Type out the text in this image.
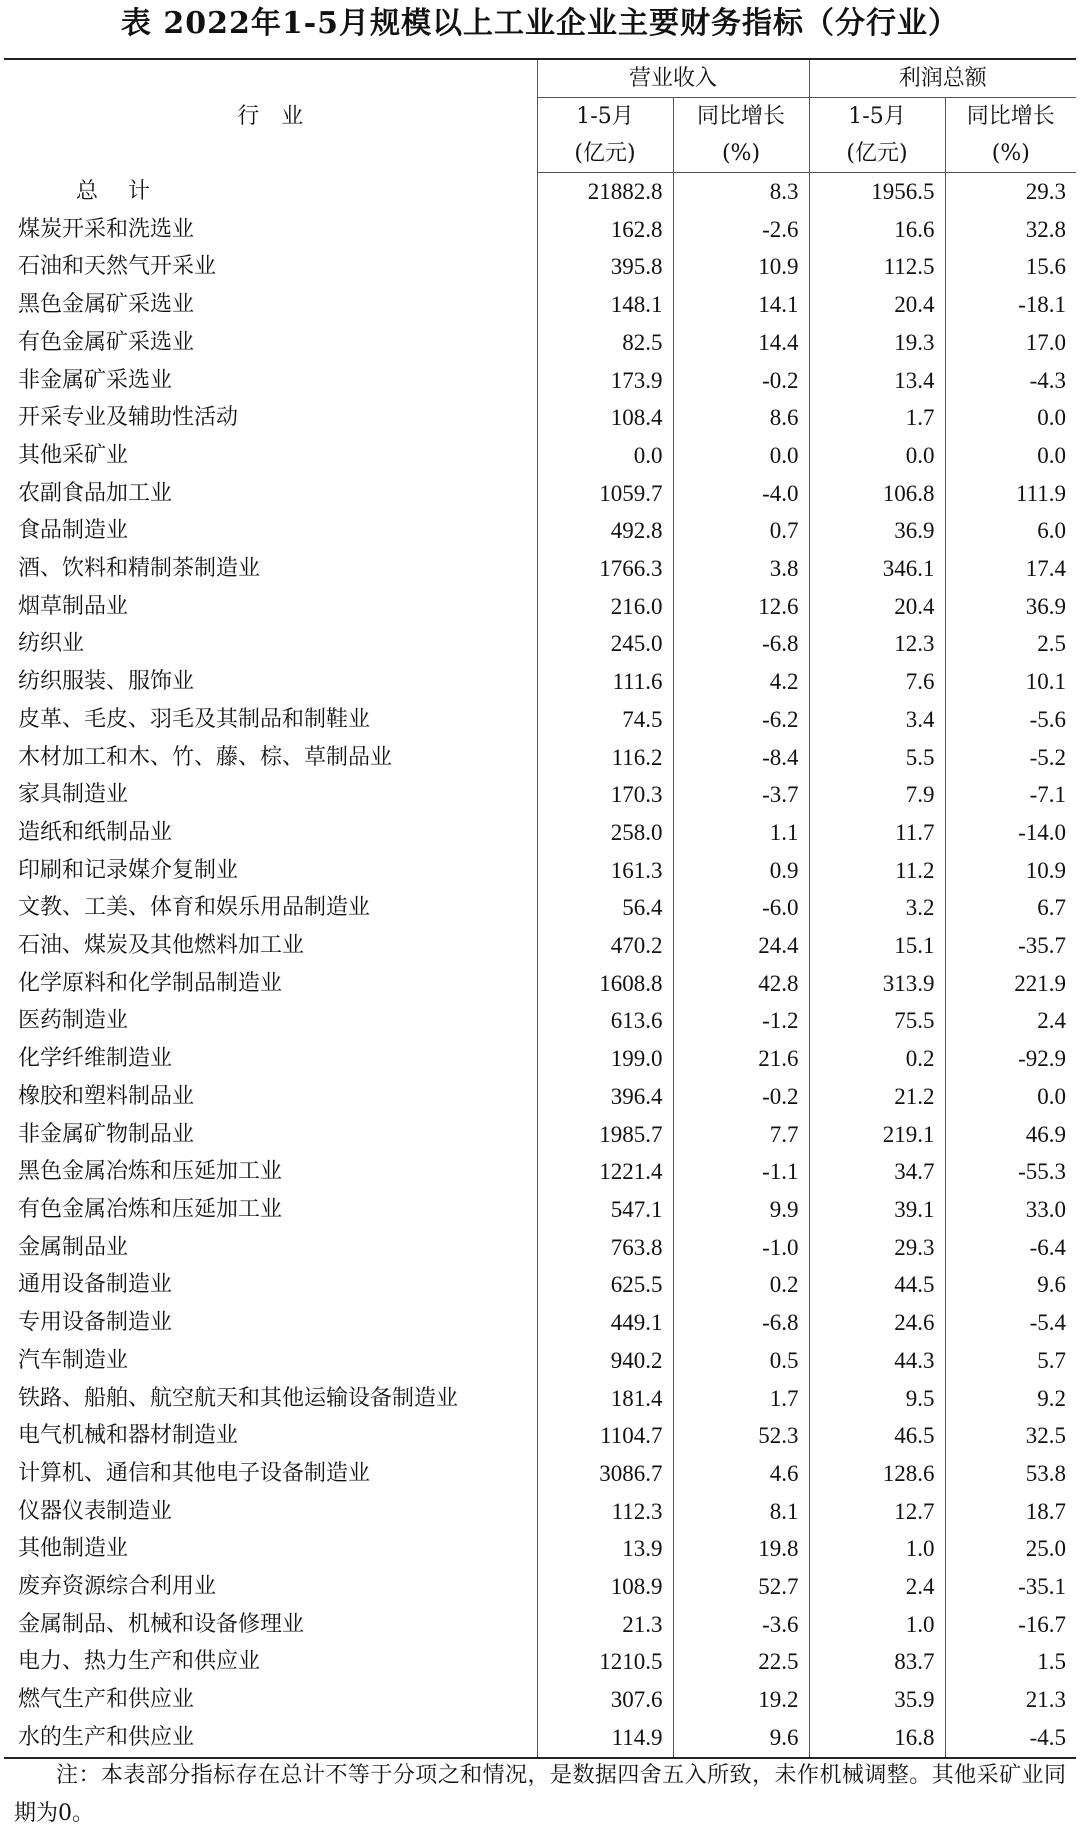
表 2022年1-5月规模以上工业企业主要财务指标（分行业）
行　业	营业收入		利润总额	
	1-5月	同比增长	1-5月	同比增长
	(亿元)	(%)	(亿元)	(%)
总计	21882.8	8.3	1956.5	29.3
煤炭开采和洗选业	162.8	-2.6	16.6	32.8
石油和天然气开采业	395.8	10.9	112.5	15.6
黑色金属矿采选业	148.1	14.1	20.4	-18.1
有色金属矿采选业	82.5	14.4	19.3	17.0
非金属矿采选业	173.9	-0.2	13.4	-4.3
开采专业及辅助性活动	108.4	8.6	1.7	0.0
其他采矿业	0.0	0.0	0.0	0.0
农副食品加工业	1059.7	-4.0	106.8	111.9
食品制造业	492.8	0.7	36.9	6.0
酒、饮料和精制茶制造业	1766.3	3.8	346.1	17.4
烟草制品业	216.0	12.6	20.4	36.9
纺织业	245.0	-6.8	12.3	2.5
纺织服装、服饰业	111.6	4.2	7.6	10.1
皮革、毛皮、羽毛及其制品和制鞋业	74.5	-6.2	3.4	-5.6
木材加工和木、竹、藤、棕、草制品业	116.2	-8.4	5.5	-5.2
家具制造业	170.3	-3.7	7.9	-7.1
造纸和纸制品业	258.0	1.1	11.7	-14.0
印刷和记录媒介复制业	161.3	0.9	11.2	10.9
文教、工美、体育和娱乐用品制造业	56.4	-6.0	3.2	6.7
石油、煤炭及其他燃料加工业	470.2	24.4	15.1	-35.7
化学原料和化学制品制造业	1608.8	42.8	313.9	221.9
医药制造业	613.6	-1.2	75.5	2.4
化学纤维制造业	199.0	21.6	0.2	-92.9
橡胶和塑料制品业	396.4	-0.2	21.2	0.0
非金属矿物制品业	1985.7	7.7	219.1	46.9
黑色金属冶炼和压延加工业	1221.4	-1.1	34.7	-55.3
有色金属冶炼和压延加工业	547.1	9.9	39.1	33.0
金属制品业	763.8	-1.0	29.3	-6.4
通用设备制造业	625.5	0.2	44.5	9.6
专用设备制造业	449.1	-6.8	24.6	-5.4
汽车制造业	940.2	0.5	44.3	5.7
铁路、船舶、航空航天和其他运输设备制造业	181.4	1.7	9.5	9.2
电气机械和器材制造业	1104.7	52.3	46.5	32.5
计算机、通信和其他电子设备制造业	3086.7	4.6	128.6	53.8
仪器仪表制造业	112.3	8.1	12.7	18.7
其他制造业	13.9	19.8	1.0	25.0
废弃资源综合利用业	108.9	52.7	2.4	-35.1
金属制品、机械和设备修理业	21.3	-3.6	1.0	-16.7
电力、热力生产和供应业	1210.5	22.5	83.7	1.5
燃气生产和供应业	307.6	19.2	35.9	21.3
水的生产和供应业	114.9	9.6	16.8	-4.5
注：本表部分指标存在总计不等于分项之和情况，是数据四舍五入所致，未作机械调整。其他采矿业同期为0。
